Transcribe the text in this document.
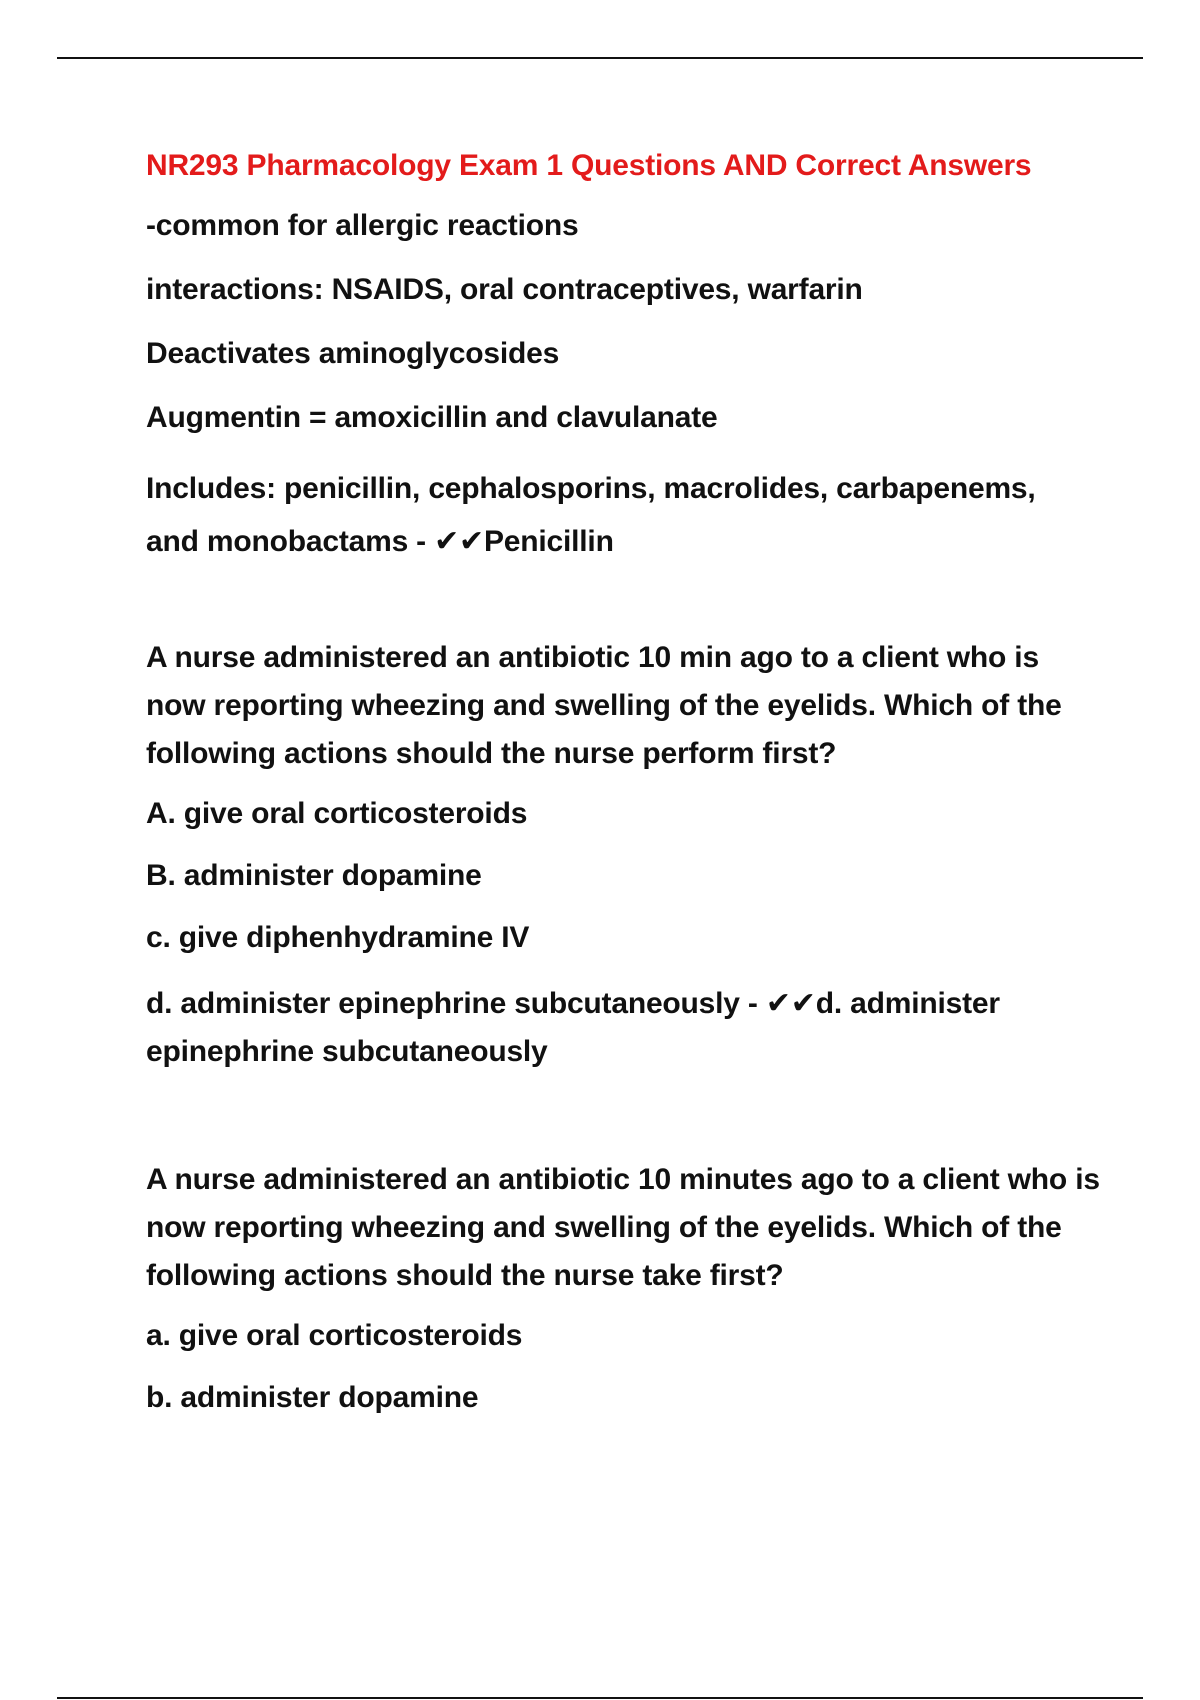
NR293 Pharmacology Exam 1 Questions AND Correct Answers
-common for allergic reactions
interactions: NSAIDS, oral contraceptives, warfarin
Deactivates aminoglycosides
Augmentin = amoxicillin and clavulanate
Includes: penicillin, cephalosporins, macrolides, carbapenems,
and monobactams - ✔✔Penicillin
A nurse administered an antibiotic 10 min ago to a client who is now reporting wheezing and swelling of the eyelids. Which of the following actions should the nurse perform first?
A. give oral corticosteroids
B. administer dopamine
c. give diphenhydramine IV
d. administer epinephrine subcutaneously - ✔✔d. administer epinephrine subcutaneously
A nurse administered an antibiotic 10 minutes ago to a client who is now reporting wheezing and swelling of the eyelids. Which of the following actions should the nurse take first?
a. give oral corticosteroids
b. administer dopamine
